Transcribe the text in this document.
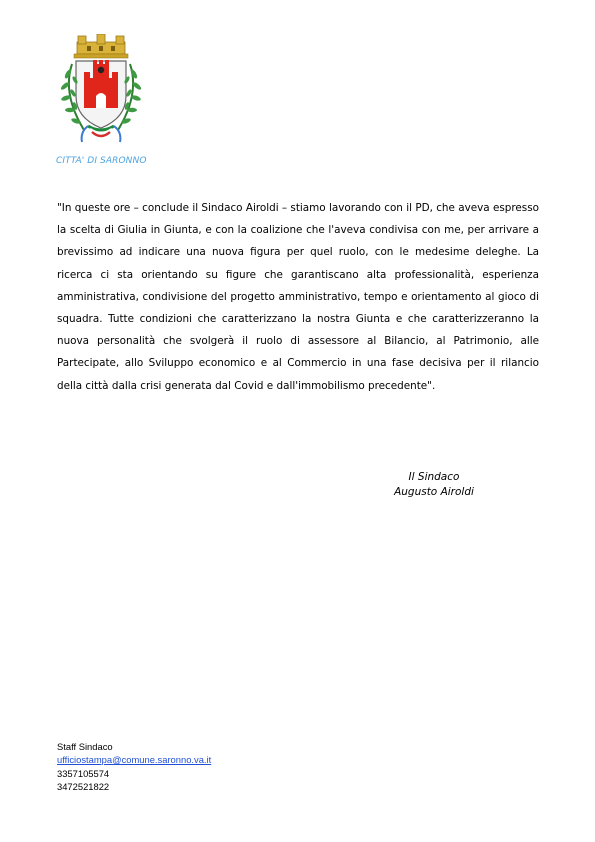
CITTA' DI SARONNO

"In queste ore – conclude il Sindaco Airoldi – stiamo lavorando con il PD, che aveva espresso la scelta di Giulia in Giunta, e con la coalizione che l'aveva condivisa con me, per arrivare a brevissimo ad indicare una nuova figura per quel ruolo, con le medesime deleghe. La ricerca ci sta orientando su figure che garantiscano alta professionalità, esperienza amministrativa, condivisione del progetto amministrativo, tempo e orientamento al gioco di squadra. Tutte condizioni che caratterizzano la nostra Giunta e che caratterizzeranno la nuova personalità che svolgerà il ruolo di assessore al Bilancio, al Patrimonio, alle Partecipate, allo Sviluppo economico e al Commercio in una fase decisiva per il rilancio della città dalla crisi generata dal Covid e dall'immobilismo precedente".

Il Sindaco
Augusto Airoldi
Staff Sindaco
ufficiostampa@comune.saronno.va.it
3357105574
3472521822
